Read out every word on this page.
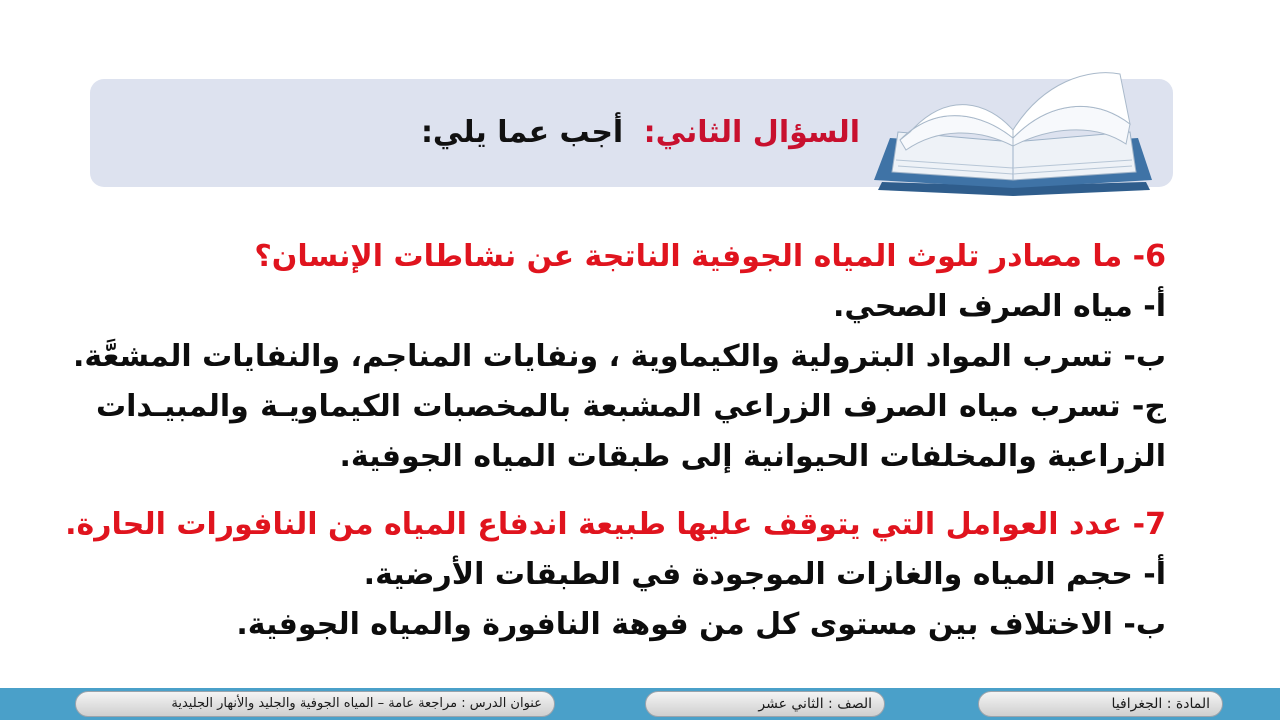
السؤال الثاني: أجب عما يلي:
6- ما مصادر تلوث المياه الجوفية الناتجة عن نشاطات الإنسان؟
أ- مياه الصرف الصحي.
ب- تسرب المواد البترولية والكيماوية ، ونفايات المناجم، والنفايات المشعَّة.
ج- تسرب مياه الصرف الزراعي المشبعة بالمخصبات الكيماويـة والمبيـدات الزراعية والمخلفات الحيوانية إلى طبقات المياه الجوفية.
7- عدد العوامل التي يتوقف عليها طبيعة اندفاع المياه من النافورات الحارة.
أ- حجم المياه والغازات الموجودة في الطبقات الأرضية.
ب- الاختلاف بين مستوى كل من فوهة النافورة والمياه الجوفية.
المادة : الجغرافيا
الصف : الثاني عشر
عنوان الدرس : مراجعة عامة – المياه الجوفية والجليد والأنهار الجليدية
